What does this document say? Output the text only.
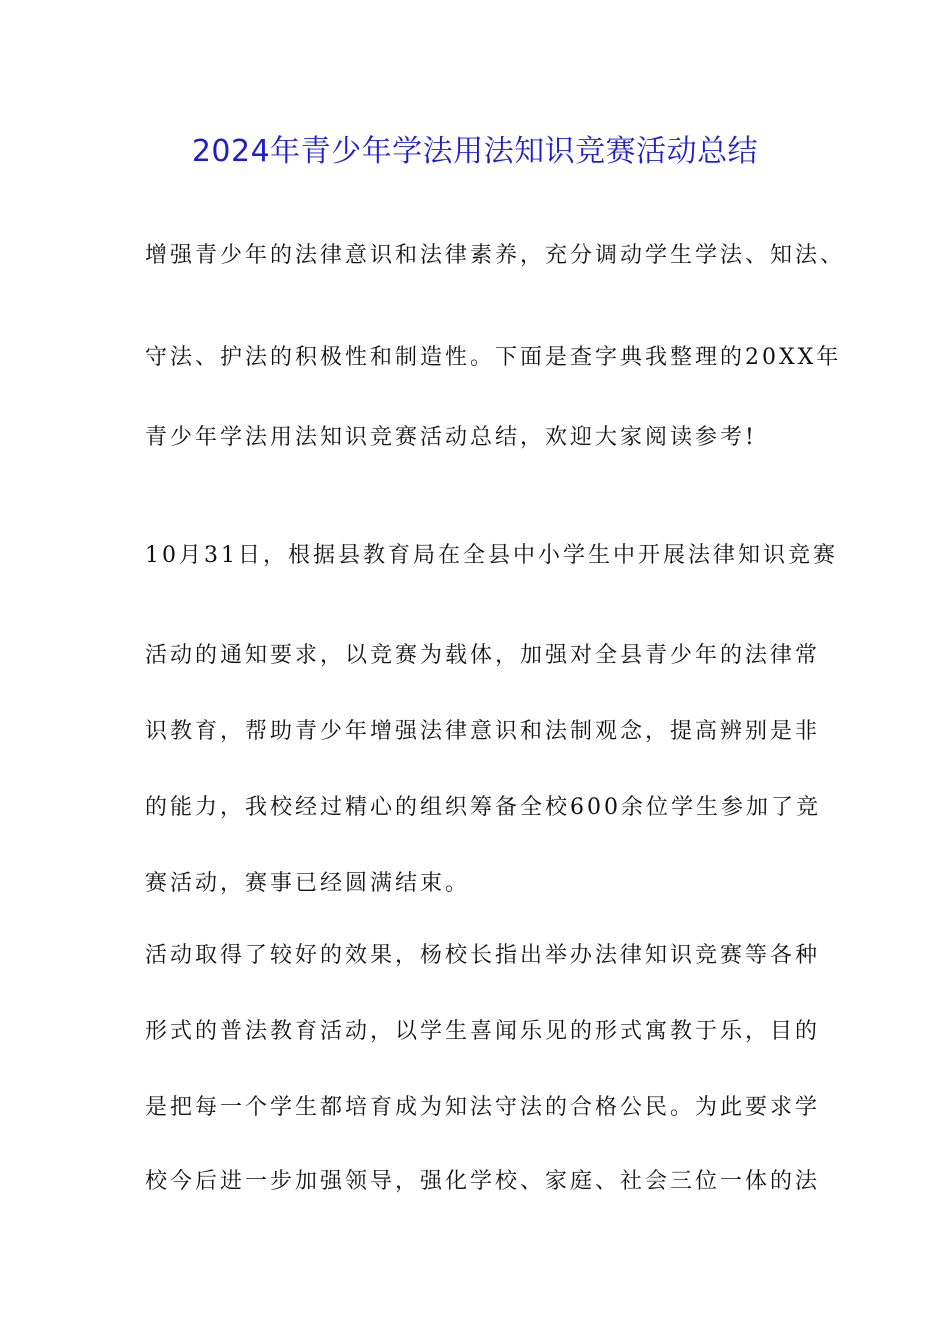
2024年青少年学法用法知识竞赛活动总结
增强青少年的法律意识和法律素养，充分调动学生学法、知法、
守法、护法的积极性和制造性。下面是查字典我整理的20XX年
青少年学法用法知识竞赛活动总结，欢迎大家阅读参考!
10月31日，根据县教育局在全县中小学生中开展法律知识竞赛
活动的通知要求，以竞赛为载体，加强对全县青少年的法律常
识教育，帮助青少年增强法律意识和法制观念，提高辨别是非
的能力，我校经过精心的组织筹备全校600余位学生参加了竞
赛活动，赛事已经圆满结束。
活动取得了较好的效果，杨校长指出举办法律知识竞赛等各种
形式的普法教育活动，以学生喜闻乐见的形式寓教于乐，目的
是把每一个学生都培育成为知法守法的合格公民。为此要求学
校今后进一步加强领导，强化学校、家庭、社会三位一体的法
